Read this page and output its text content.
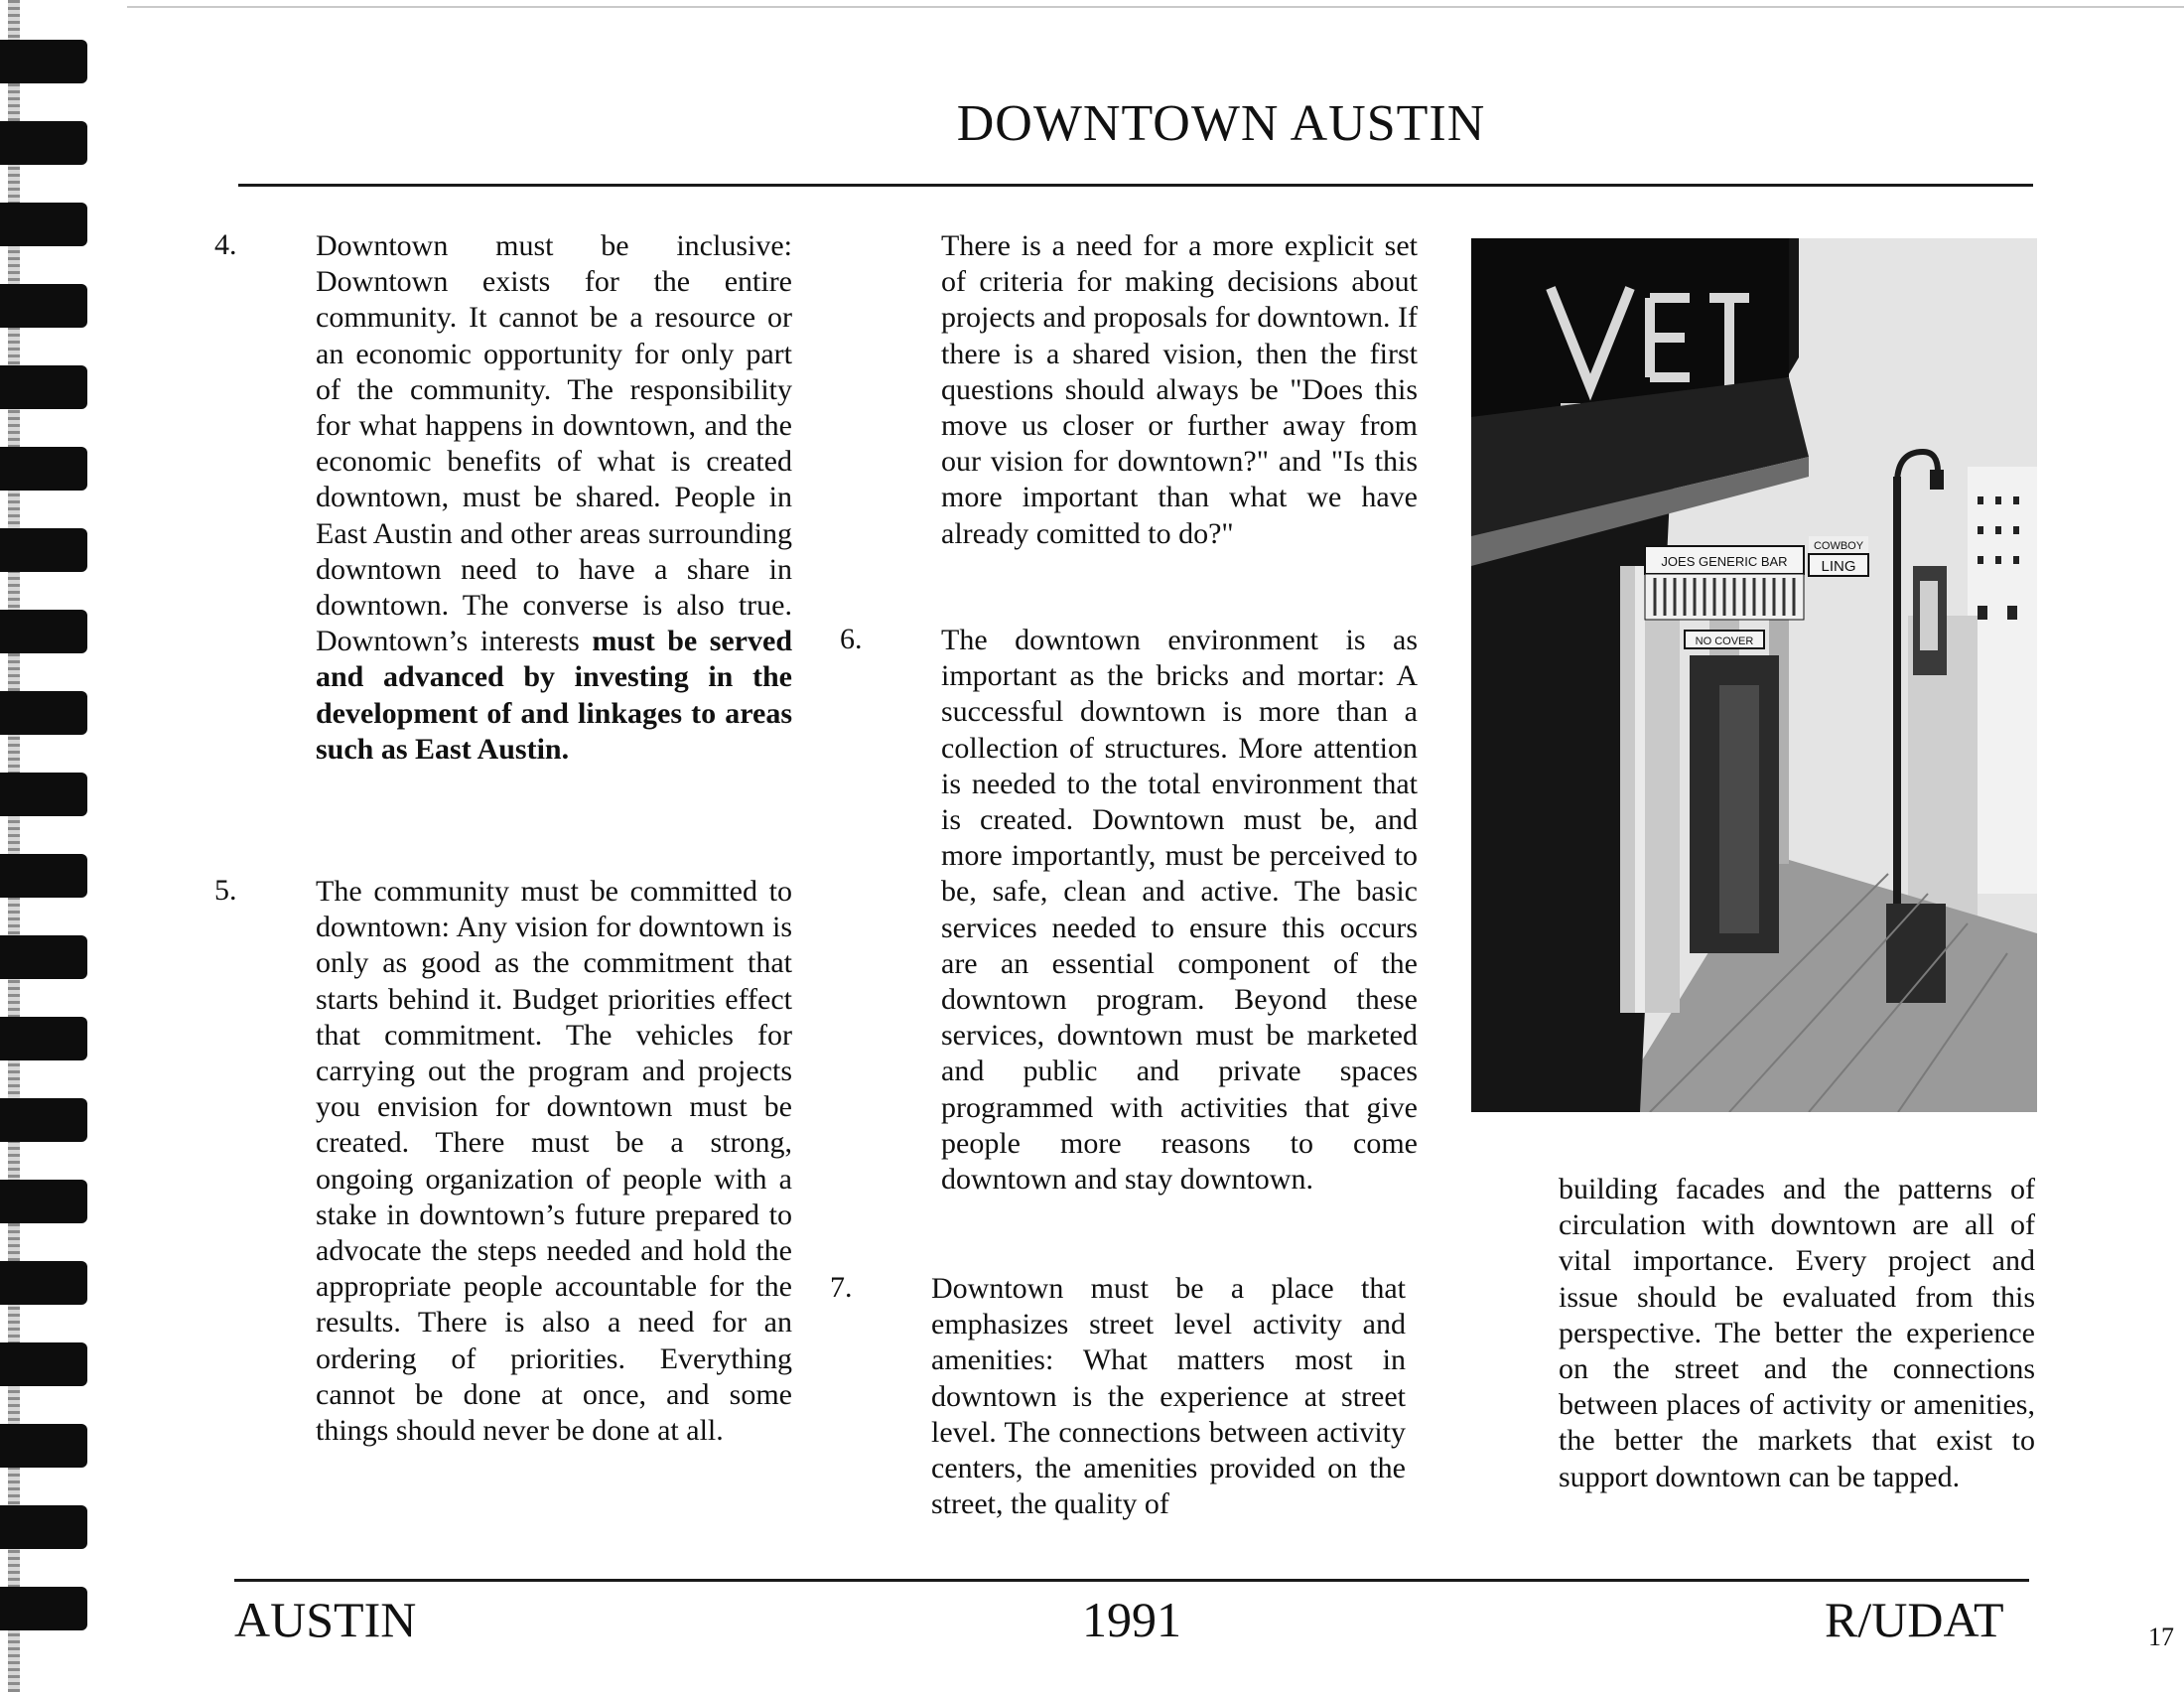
DOWNTOWN AUSTIN
4.	Downtown must be inclusive: Downtown exists for the entire community. It cannot be a resource or an economic opportunity for only part of the community. The responsibility for what happens in downtown, and the economic benefits of what is created downtown, must be shared. People in East Austin and other areas surrounding downtown need to have a share in downtown. The converse is also true. Downtown’s interests must be served and advanced by investing in the development of and linkages to areas such as East Austin.

5.	The community must be committed to downtown: Any vision for downtown is only as good as the commitment that starts behind it. Budget priorities effect that commitment. The vehicles for carrying out the program and projects you envision for downtown must be created. There must be a strong, ongoing organization of people with a stake in downtown’s future prepared to advocate the steps needed and hold the appropriate people accountable for the results. There is also a need for an ordering of priorities. Everything cannot be done at once, and some things should never be done at all.

There is a need for a more explicit set of criteria for making decisions about projects and proposals for downtown. If there is a shared vision, then the first questions should always be "Does this move us closer or further away from our vision for downtown?" and "Is this more important than what we have already comitted to do?"

6.	The downtown environment is as important as the bricks and mortar: A successful downtown is more than a collection of structures. More attention is needed to the total environment that is created. Downtown must be, and more importantly, must be perceived to be, safe, clean and active. The basic services needed to ensure this occurs are an essential component of the downtown program. Beyond these services, downtown must be marketed and public and private spaces programmed with activities that give people more reasons to come downtown and stay downtown.

7.	Downtown must be a place that emphasizes street level activity and amenities: What matters most in downtown is the experience at street level. The connections between activity centers, the amenities provided on the street, the quality of

JOES GENERIC BAR
COWBOY
LING
NO COVER

building facades and the patterns of circulation with downtown are all of vital importance. Every project and issue should be evaluated from this perspective. The better the experience on the street and the connections between places of activity or amenities, the better the markets that exist to support downtown can be tapped.

AUSTIN	1991	R/UDAT	17
